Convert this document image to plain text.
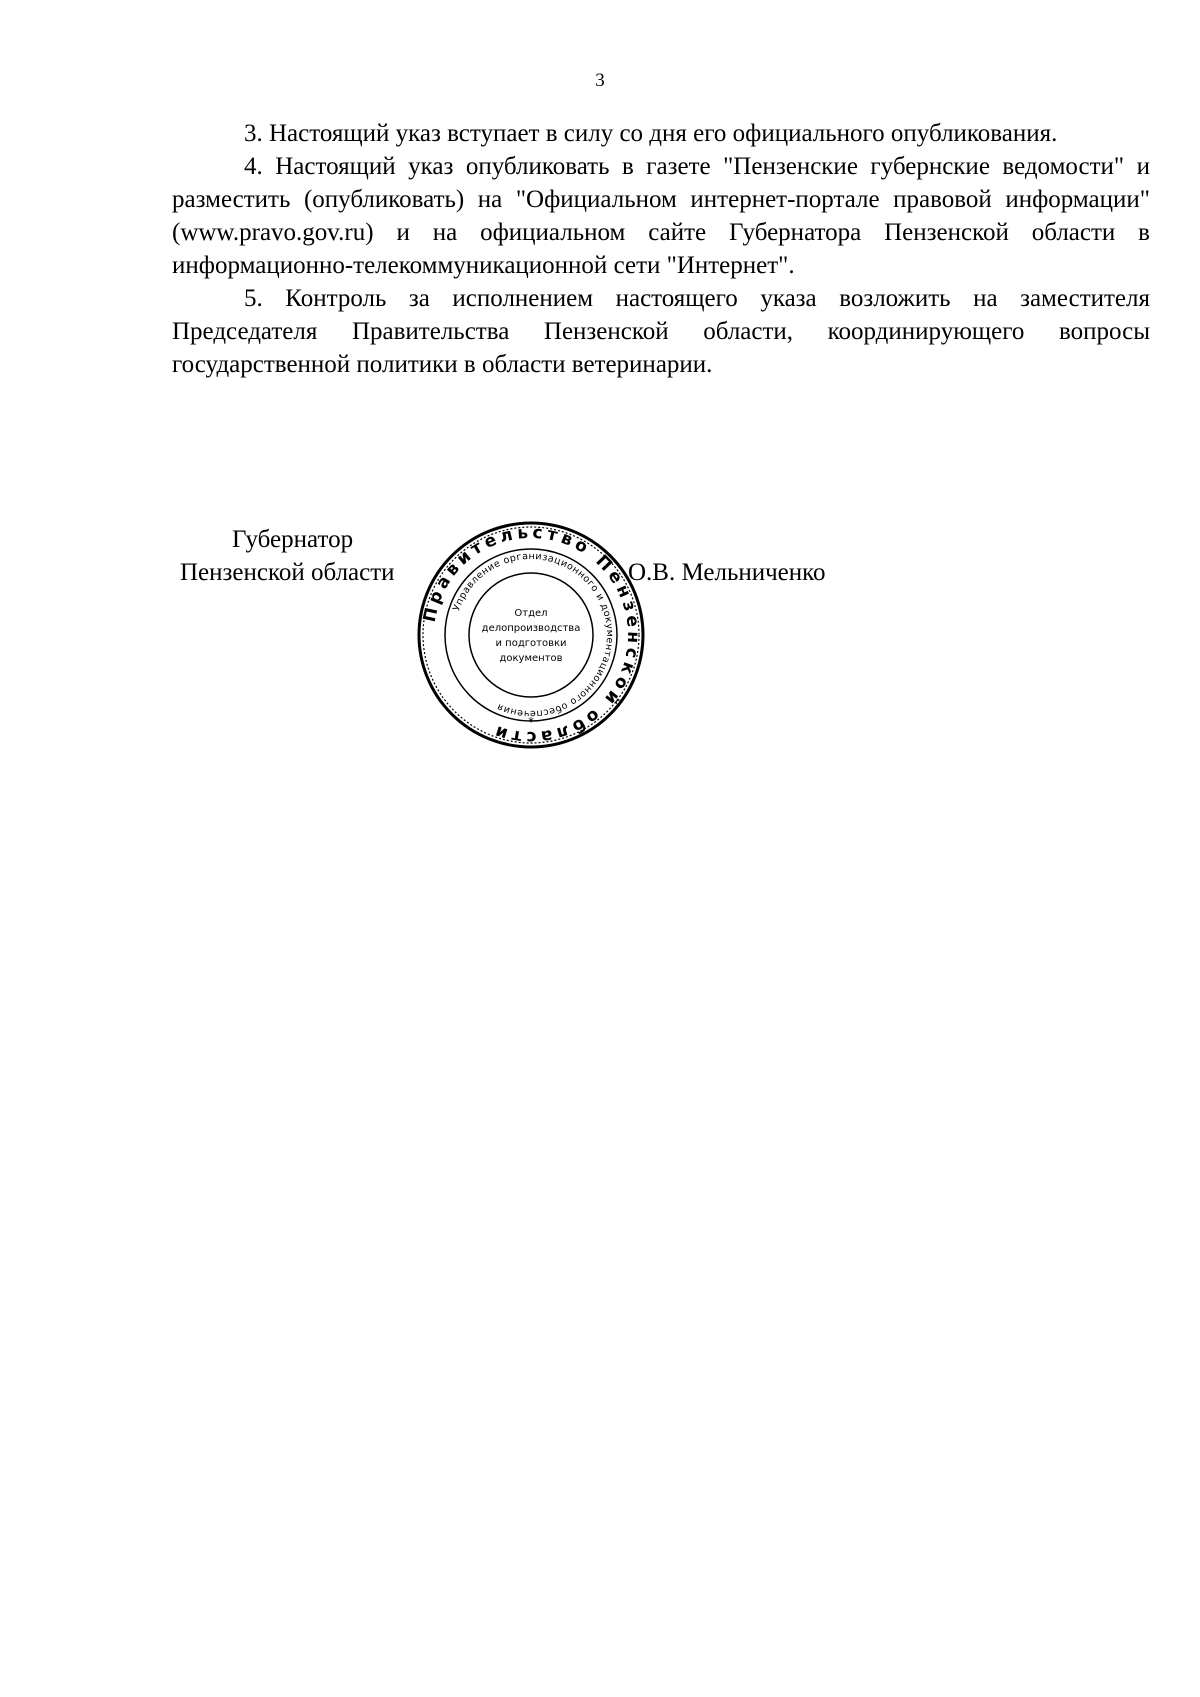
3

3. Настоящий указ вступает в силу со дня его официального опубликования.

4. Настоящий указ опубликовать в газете "Пензенские губернские ведомости" и разместить (опубликовать) на "Официальном интернет-портале правовой информации" (www.pravo.gov.ru) и на официальном сайте Губернатора Пензенской области в информационно-телекоммуникационной сети "Интернет".

5. Контроль за исполнением настоящего указа возложить на заместителя Председателя Правительства Пензенской области, координирующего вопросы государственной политики в области ветеринарии.

Губернатор
Пензенской области	О.В. Мельниченко
Правительство Пензенской области
Управление организационного и документационного обеспечения
Отдел
делопроизводства
и подготовки
документов
*
